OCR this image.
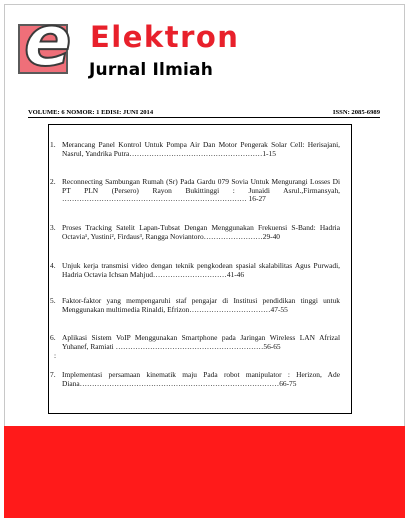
e Elektron
Jurnal Ilmiah
VOLUME: 6 NOMOR: 1 EDISI: JUNI 2014	ISSN: 2085-6989
1. Merancang Panel Kontrol Untuk Pompa Air Dan Motor Pengerak Solar Cell: Herisajani, Nasrul, Yandrika Putra………………………………………………1-15
2. Reconnecting Sambungan Rumah (Sr) Pada Gardu 079 Sovia Untuk Mengurangi Losses Di PT PLN (Persero) Rayon Bukittinggi : Junaidi Asrul.,Firmansyah, ………………………………………………………………… 16-27
3. Proses Tracking Satelit Lapan-Tubsat Dengan Menggunakan Frekuensi S-Band: Hadria Octavia¹, Yustini², Firdaus³, Rangga Noviantoro……………………29-40
4. Unjuk kerja transmisi video dengan teknik pengkodean spasial skalabilitas Agus Purwadi, Hadria Octavia Ichsan Mahjud…………………………41-46
5. Faktor-faktor yang mempengaruhi staf pengajar di Institusi pendidikan tinggi untuk Menggunakan multimedia Rinaldi, Efrizon……………………………47-55
6. Aplikasi Sistem VoIP Menggunakan Smartphone pada Jaringan Wireless LAN Afrizal Yuhanef, Ramiati ……………………………………………………56-65
:
7. Implementasi persamaan kinematik maju Pada robot manipulator : Herizon, Ade Diana………………………………………………………………………66-75
